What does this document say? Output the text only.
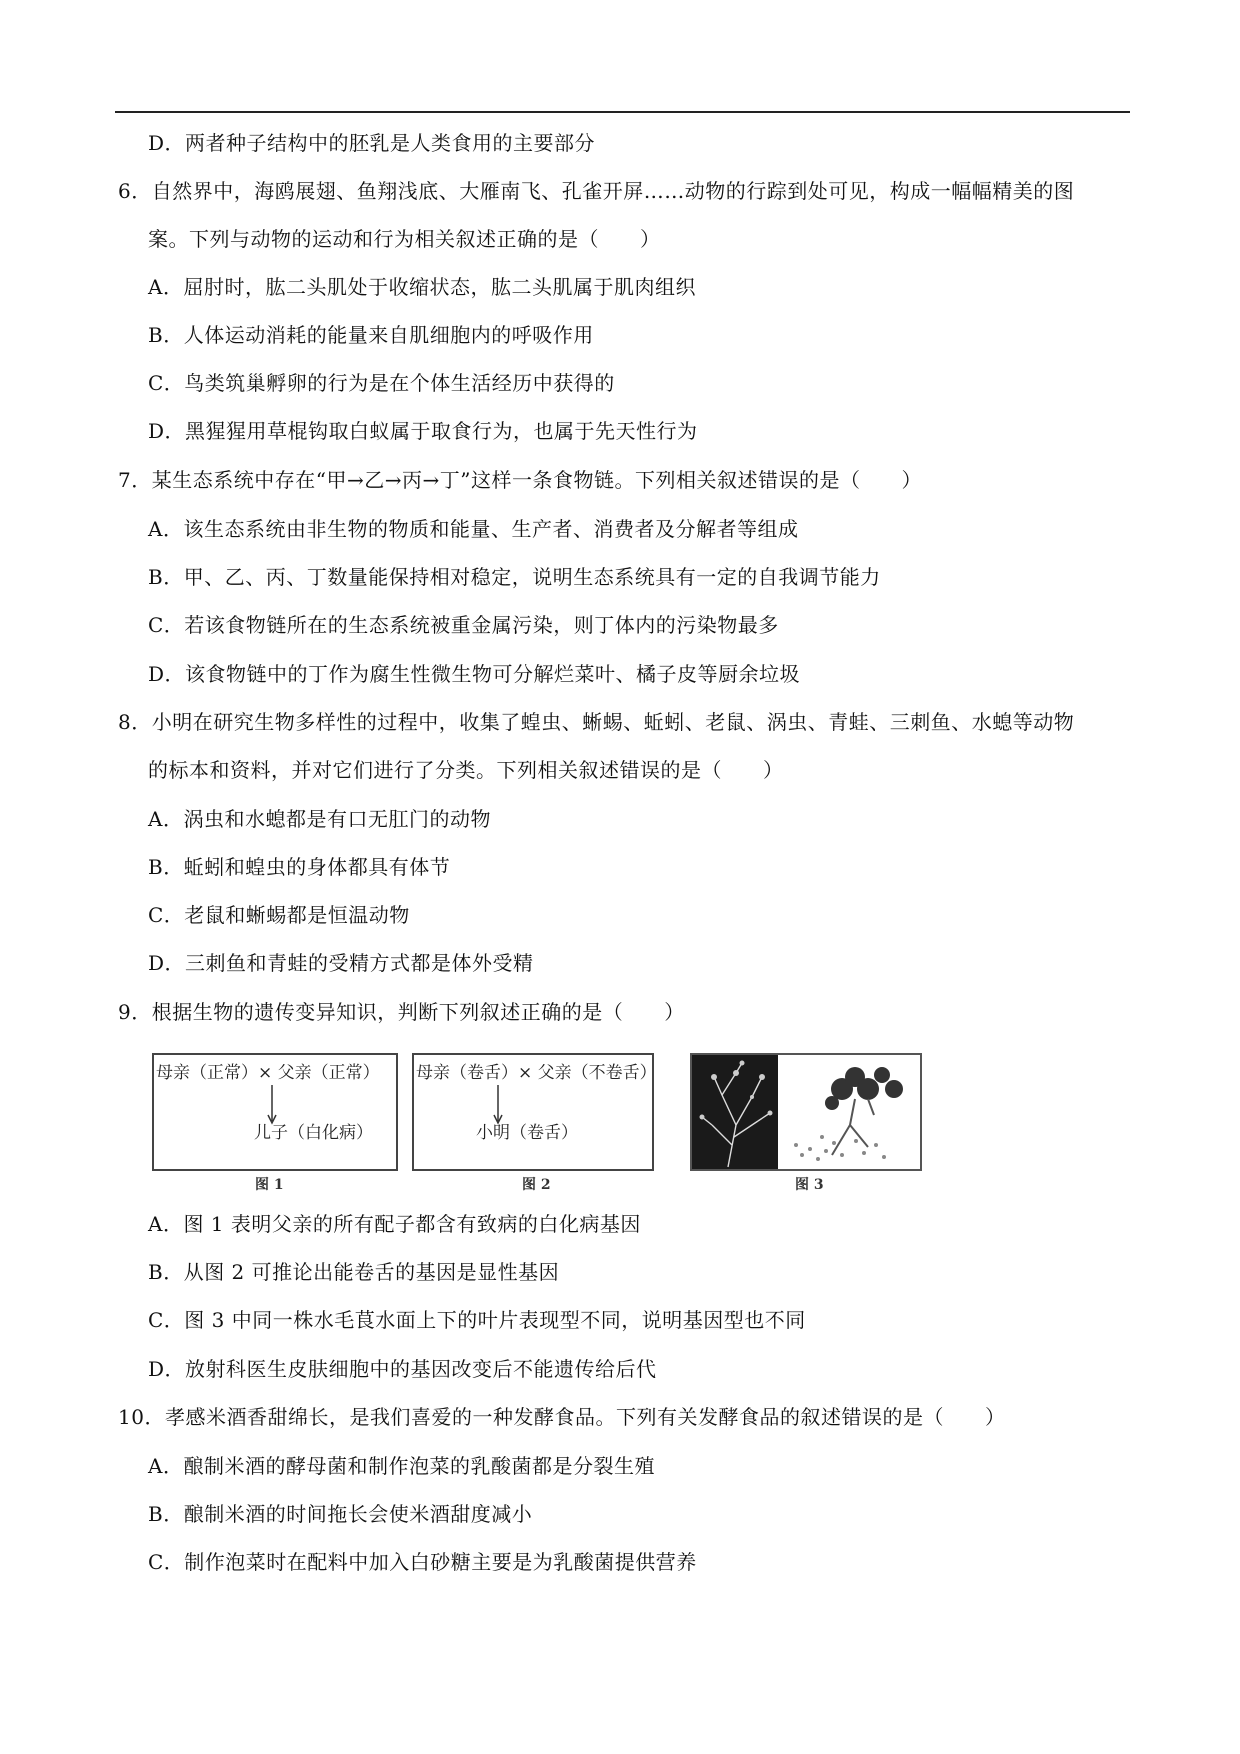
D．两者种子结构中的胚乳是人类食用的主要部分
6．自然界中，海鸥展翅、鱼翔浅底、大雁南飞、孔雀开屏……动物的行踪到处可见，构成一幅幅精美的图
案。下列与动物的运动和行为相关叙述正确的是（　　）
A．屈肘时，肱二头肌处于收缩状态，肱二头肌属于肌肉组织
B．人体运动消耗的能量来自肌细胞内的呼吸作用
C．鸟类筑巢孵卵的行为是在个体生活经历中获得的
D．黑猩猩用草棍钩取白蚁属于取食行为，也属于先天性行为
7．某生态系统中存在“甲→乙→丙→丁”这样一条食物链。下列相关叙述错误的是（　　）
A．该生态系统由非生物的物质和能量、生产者、消费者及分解者等组成
B．甲、乙、丙、丁数量能保持相对稳定，说明生态系统具有一定的自我调节能力
C．若该食物链所在的生态系统被重金属污染，则丁体内的污染物最多
D．该食物链中的丁作为腐生性微生物可分解烂菜叶、橘子皮等厨余垃圾
8．小明在研究生物多样性的过程中，收集了蝗虫、蜥蜴、蚯蚓、老鼠、涡虫、青蛙、三刺鱼、水螅等动物
的标本和资料，并对它们进行了分类。下列相关叙述错误的是（　　）
A．涡虫和水螅都是有口无肛门的动物
B．蚯蚓和蝗虫的身体都具有体节
C．老鼠和蜥蜴都是恒温动物
D．三刺鱼和青蛙的受精方式都是体外受精
9．根据生物的遗传变异知识，判断下列叙述正确的是（　　）
母亲（正常）× 父亲（正常）
儿子（白化病）
图 1
母亲（卷舌）× 父亲（不卷舌）
小明（卷舌）
图 2	图 3
A．图 1 表明父亲的所有配子都含有致病的白化病基因
B．从图 2 可推论出能卷舌的基因是显性基因
C．图 3 中同一株水毛茛水面上下的叶片表现型不同，说明基因型也不同
D．放射科医生皮肤细胞中的基因改变后不能遗传给后代
10．孝感米酒香甜绵长，是我们喜爱的一种发酵食品。下列有关发酵食品的叙述错误的是（　　）
A．酿制米酒的酵母菌和制作泡菜的乳酸菌都是分裂生殖
B．酿制米酒的时间拖长会使米酒甜度减小
C．制作泡菜时在配料中加入白砂糖主要是为乳酸菌提供营养
